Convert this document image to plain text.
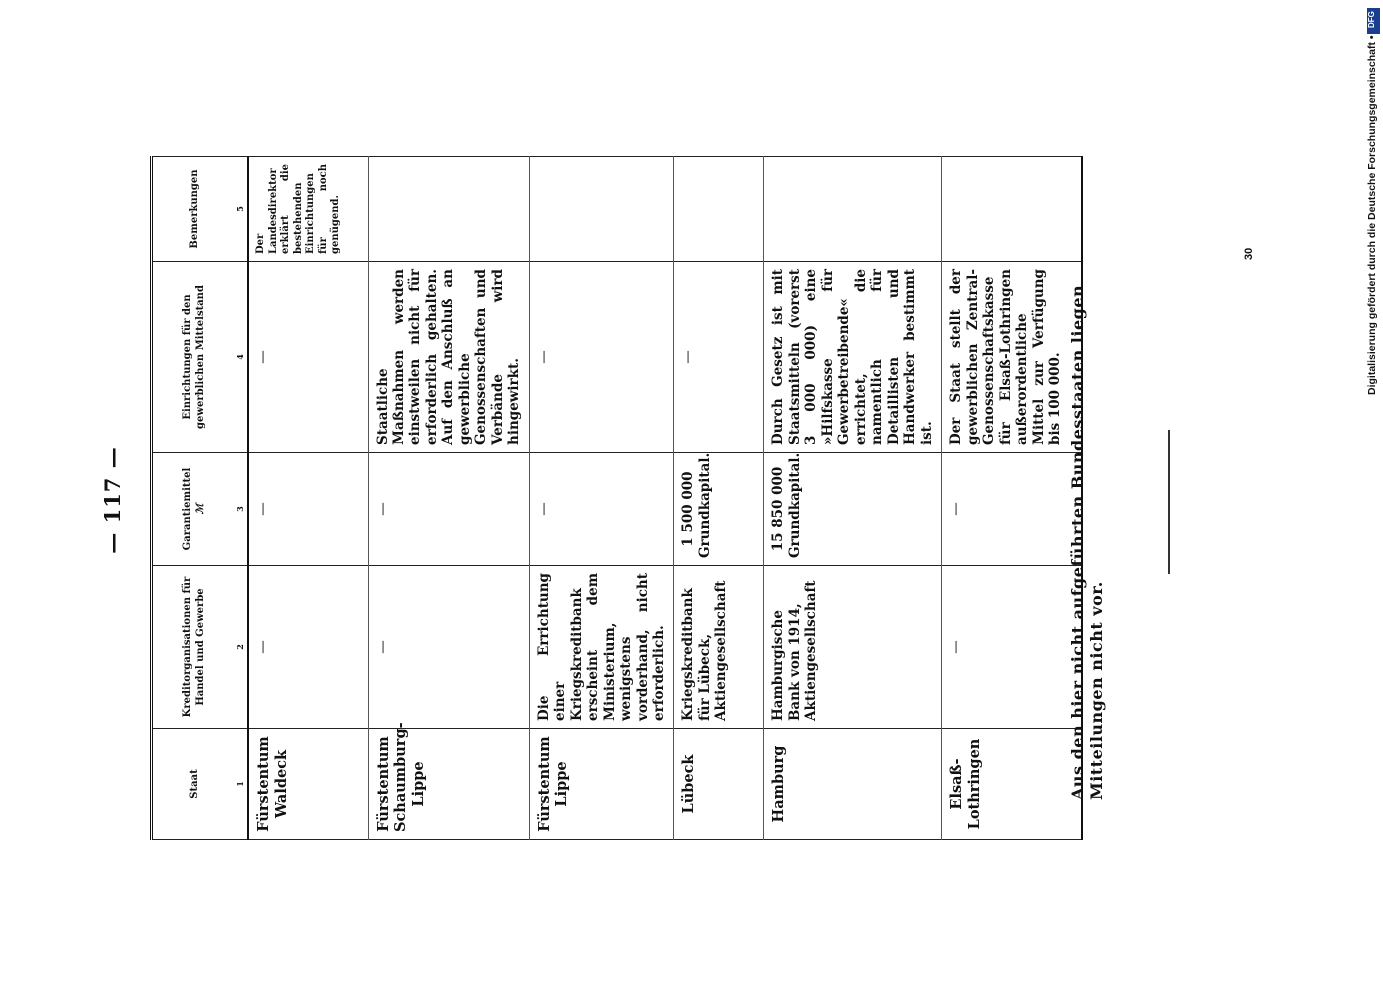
— 117 —
Staat	Kreditorganisationen für Handel und Gewerbe	Garantiemittel ℳ	Einrichtungen für den gewerblichen Mittelstand	Bemerkungen
1	2	3	4	5
Fürstentum Waldeck	—	—	—	Der Landesdirektor erklärt die bestehenden Einrichtungen für noch genügend.
Fürstentum Schaumburg-Lippe	—	—	Staatliche Maßnahmen werden einstweilen nicht für erforderlich gehalten. Auf den Anschluß an gewerbliche Genossenschaften und Verbände wird hingewirkt.	
Fürstentum Lippe	Die Errichtung einer Kriegskreditbank erscheint dem Ministerium, wenigstens vorderhand, nicht erforderlich.	—	—	

Lübeck	Kriegskreditbank für Lübeck, Aktiengesellschaft	1 500 000 Grundkapital.	—	

Hamburg	Hamburgische Bank von 1914, Aktiengesellschaft	15 850 000 Grundkapital.	Durch Gesetz ist mit Staatsmitteln (vorerst 3 000 000) eine »Hilfskasse für Gewerbetreibende« errichtet, die namentlich für Detaillisten und Handwerker bestimmt ist.	
Elsaß-Lothringen	—	—	Der Staat stellt der gewerblichen Zentral-Genossenschaftskasse für Elsaß-Lothringen außerordentliche Mittel zur Verfügung bis 100 000.	Aus den hier nicht aufgeführten Bundesstaaten liegen Mitteilungen nicht vor.
30
DFG
Digitalisierung gefördert durch die Deutsche Forschungsgemeinschaft •
